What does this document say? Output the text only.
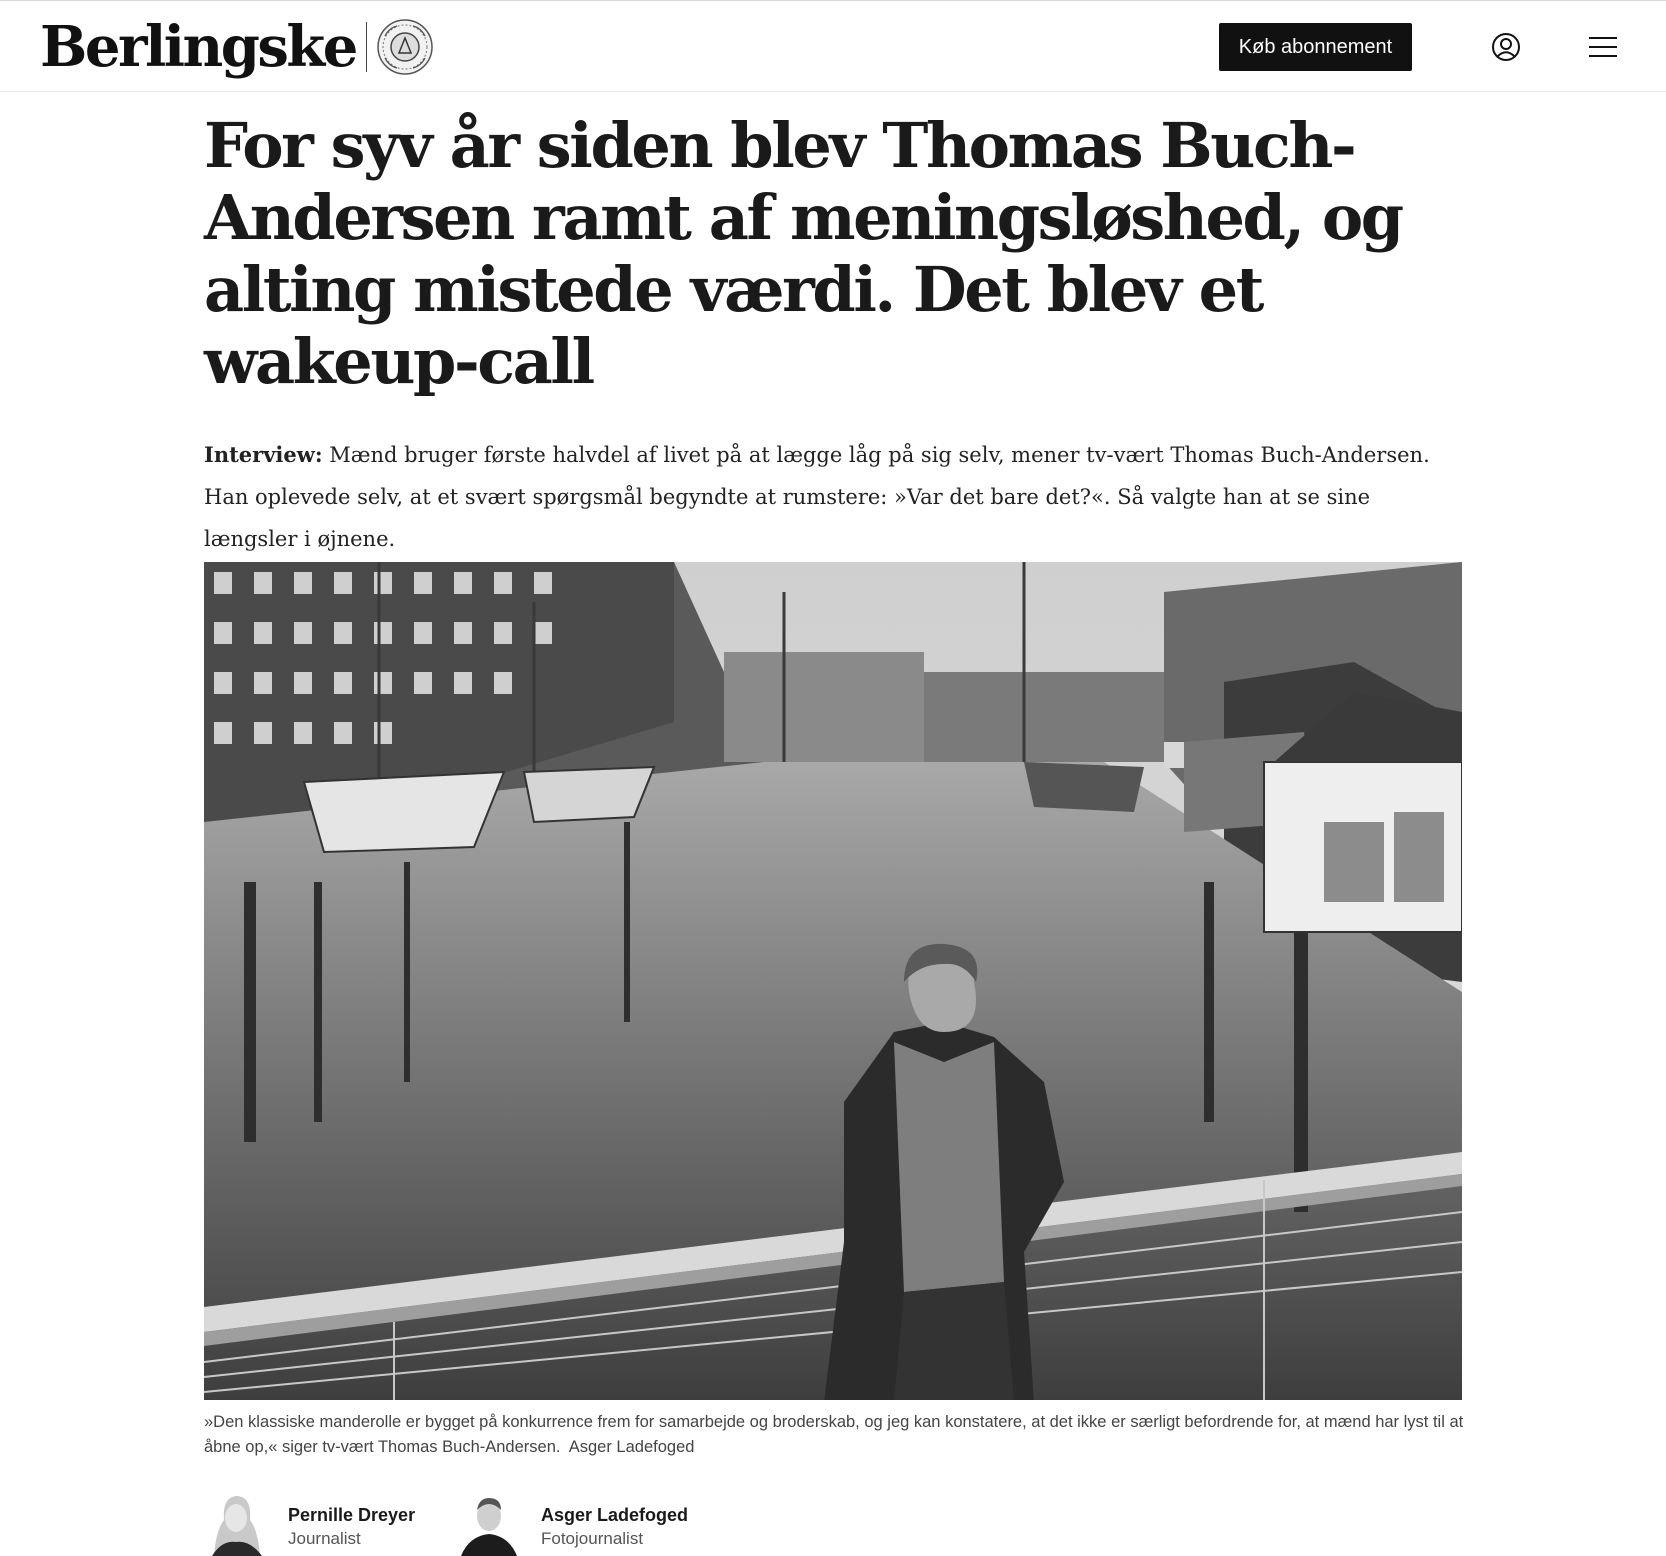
Berlingske	Køb abonnement
For syv år siden blev Thomas Buch-Andersen ramt af meningsløshed, og alting mistede værdi. Det blev et wakeup-call

Interview: Mænd bruger første halvdel af livet på at lægge låg på sig selv, mener tv-vært Thomas Buch-Andersen. Han oplevede selv, at et svært spørgsmål begyndte at rumstere: »Var det bare det?«. Så valgte han at se sine længsler i øjnene.

»Den klassiske manderolle er bygget på konkurrence frem for samarbejde og broderskab, og jeg kan konstatere, at det ikke er særligt befordrende for, at mænd har lyst til at åbne op,« siger tv-vært Thomas Buch-Andersen. Asger Ladefoged

Pernille Dreyer
Journalist
Asger Ladefoged
Fotojournalist
